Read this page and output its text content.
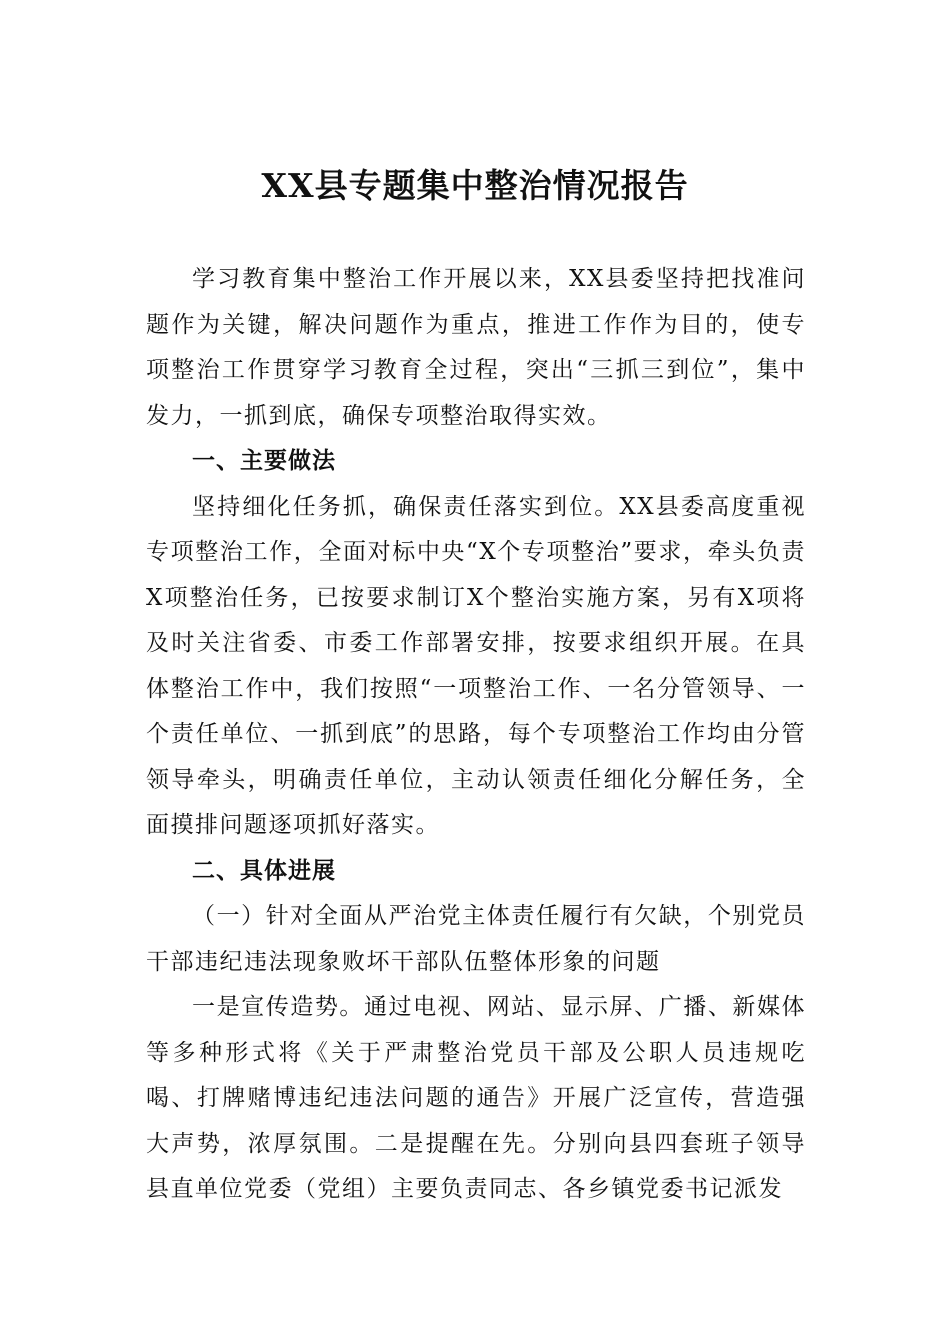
XX县专题集中整治情况报告

学习教育集中整治工作开展以来，XX县委坚持把找准问题作为关键，解决问题作为重点，推进工作作为目的，使专项整治工作贯穿学习教育全过程，突出“三抓三到位”，集中发力，一抓到底，确保专项整治取得实效。

一、主要做法

坚持细化任务抓，确保责任落实到位。XX县委高度重视专项整治工作，全面对标中央“X个专项整治”要求，牵头负责X项整治任务，已按要求制订X个整治实施方案，另有X项将及时关注省委、市委工作部署安排，按要求组织开展。在具体整治工作中，我们按照“一项整治工作、一名分管领导、一个责任单位、一抓到底”的思路，每个专项整治工作均由分管领导牵头，明确责任单位，主动认领责任细化分解任务，全面摸排问题逐项抓好落实。

二、具体进展

（一）针对全面从严治党主体责任履行有欠缺，个别党员干部违纪违法现象败坏干部队伍整体形象的问题

一是宣传造势。通过电视、网站、显示屏、广播、新媒体等多种形式将《关于严肃整治党员干部及公职人员违规吃喝、打牌赌博违纪违法问题的通告》开展广泛宣传，营造强大声势，浓厚氛围。二是提醒在先。分别向县四套班子领导县直单位党委（党组）主要负责同志、各乡镇党委书记派发
